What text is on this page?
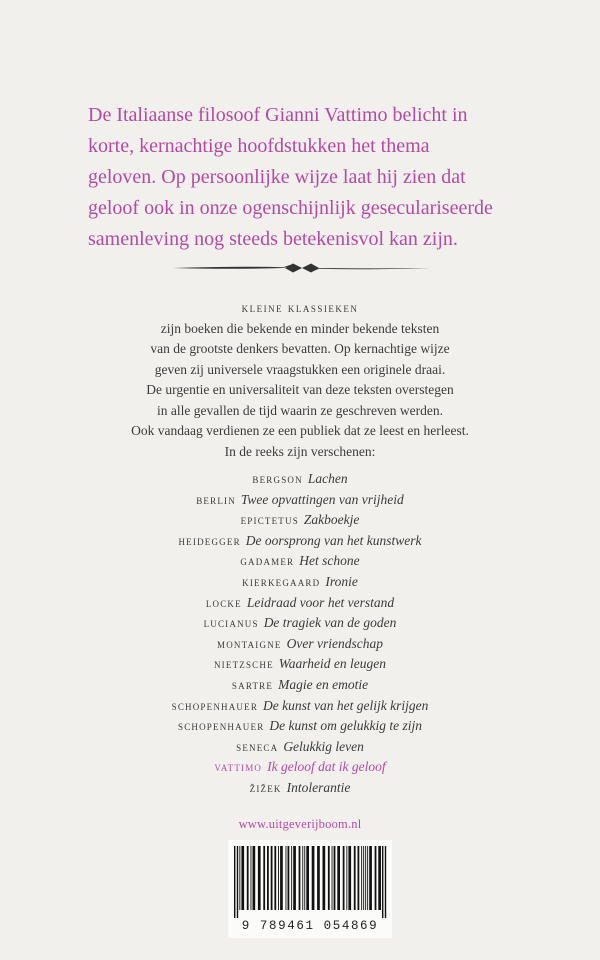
De Italiaanse filosoof Gianni Vattimo belicht in
korte, kernachtige hoofdstukken het thema
geloven. Op persoonlijke wijze laat hij zien dat
geloof ook in onze ogenschijnlijk geseculariseerde
samenleving nog steeds betekenisvol kan zijn.
kleine klassieken
zijn boeken die bekende en minder bekende teksten
van de grootste denkers bevatten. Op kernachtige wijze
geven zij universele vraagstukken een originele draai.
De urgentie en universaliteit van deze teksten overstegen
in alle gevallen de tijd waarin ze geschreven werden.
Ook vandaag verdienen ze een publiek dat ze leest en herleest.
In de reeks zijn verschenen:
bergson Lachen
berlin Twee opvattingen van vrijheid
epictetus Zakboekje
heidegger De oorsprong van het kunstwerk
gadamer Het schone
kierkegaard Ironie
locke Leidraad voor het verstand
lucianus De tragiek van de goden
montaigne Over vriendschap
nietzsche Waarheid en leugen
sartre Magie en emotie
schopenhauer De kunst van het gelijk krijgen
schopenhauer De kunst om gelukkig te zijn
seneca Gelukkig leven
vattimo Ik geloof dat ik geloof
žižek Intolerantie
www.uitgeverijboom.nl
9 789461 054869
